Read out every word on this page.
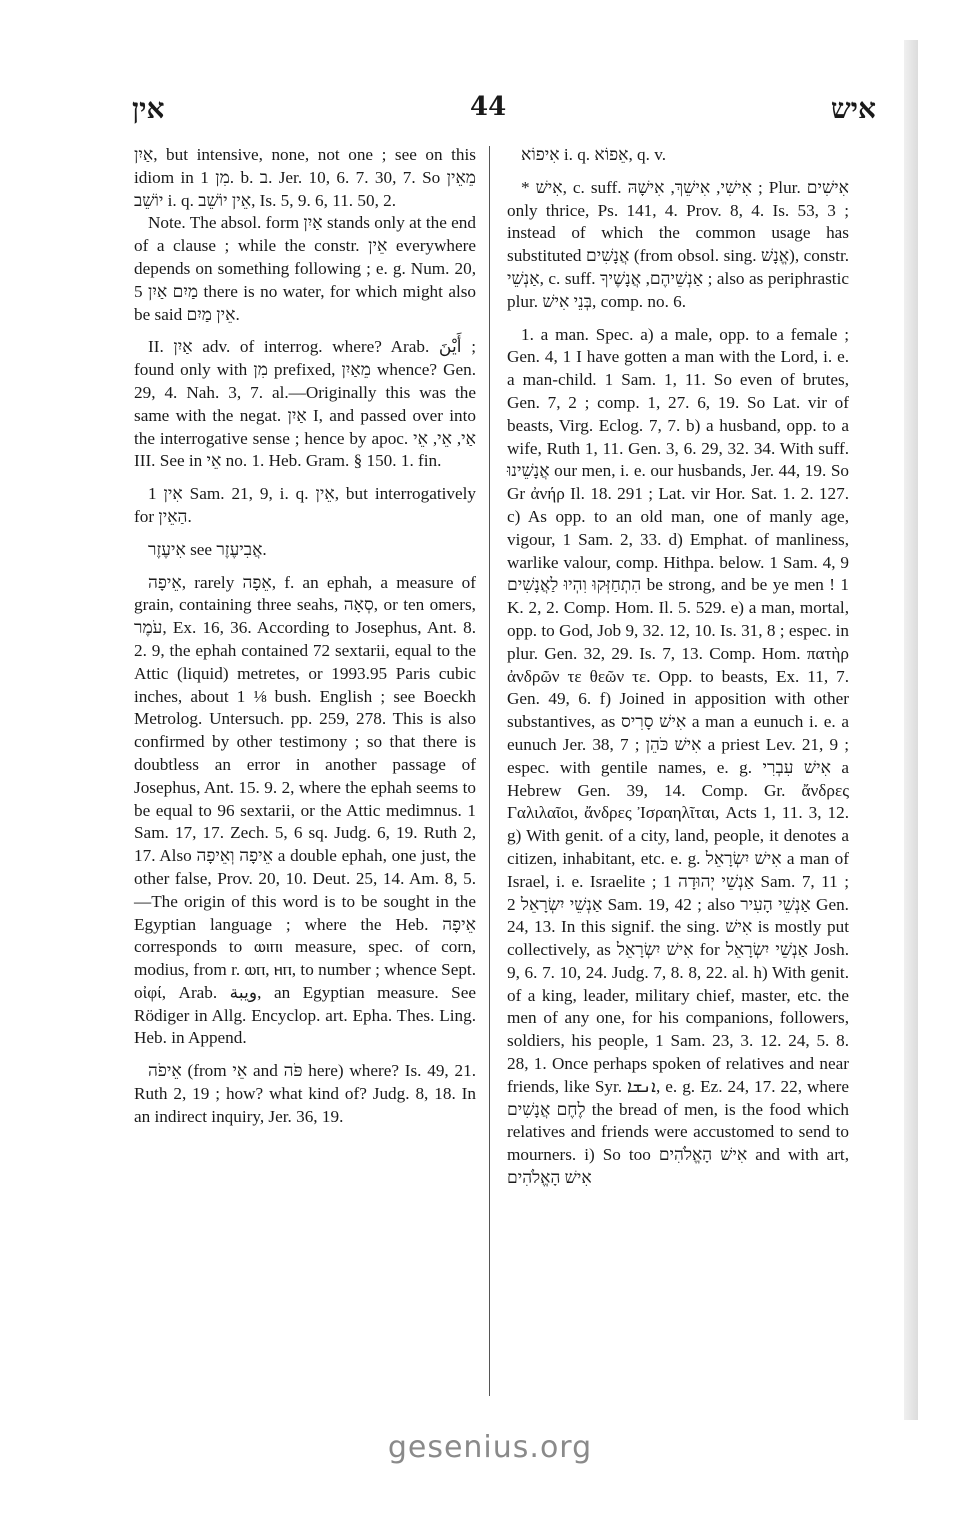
אין	44	איש

אַיִן, but intensive, none, not one ; see on this idiom in מִן 1. b. ב. Jer. 10, 6. 7. 30, 7. So מֵאֵין יוֹשֵׁב i. q. אֵין יוֹשֵׁב, Is. 5, 9. 6, 11. 50, 2.

Note. The absol. form אַיִן stands only at the end of a clause ; while the constr. אֵין everywhere depends on something following ; e. g. Num. 20, 5 מַיִם אַיִן there is no water, for which might also be said אֵין מַיִם.

II. אַיִן adv. of interrog. where? Arab. أَيْنَ ; found only with מִן prefixed, מֵאַיִן whence? Gen. 29, 4. Nah. 3, 7. al.—Originally this was the same with the negat. אַיִן I, and passed over into the interrogative sense ; hence by apoc. אַי, אֵי, אֵי III. See in אֵי no. 1. Heb. Gram. § 150. 1. fin.

אִין 1 Sam. 21, 9, i. q. אֵין, but interrogatively for הַאֵין.

אִיעֶזֶר see אֲבִיעֶזֶר.

אֵיפָה, rarely אֵפָה, f. an ephah, a measure of grain, containing three seahs, סְאָה, or ten omers, עֹמֶר, Ex. 16, 36. According to Josephus, Ant. 8. 2. 9, the ephah contained 72 sextarii, equal to the Attic (liquid) metretes, or 1993.95 Paris cubic inches, about 1 ⅛ bush. English ; see Boeckh Metrolog. Untersuch. pp. 259, 278. This is also confirmed by other testimony ; so that there is doubtless an error in another passage of Josephus, Ant. 15. 9. 2, where the ephah seems to be equal to 96 sextarii, or the Attic medimnus. 1 Sam. 17, 17. Zech. 5, 6 sq. Judg. 6, 19. Ruth 2, 17. Also אֵיפָה וְאֵיפָה a double ephah, one just, the other false, Prov. 20, 10. Deut. 25, 14. Am. 8, 5.—The origin of this word is to be sought in the Egyptian language ; where the Heb. אֵיפָה corresponds to ⲱⲓⲡⲓ measure, spec. of corn, modius, from r. ⲱⲡ, ⲏⲡ, to number ; whence Sept. οἰφί, Arab. ويبة, an Egyptian measure. See Rödiger in Allg. Encyclop. art. Epha. Thes. Ling. Heb. in Append.

אֵיפֹה (from אֵי and פֹּה here) where? Is. 49, 21. Ruth 2, 19 ; how? what kind of? Judg. 8, 18. In an indirect inquiry, Jer. 36, 19.

אִיפוֹא i. q. אֵפוֹא, q. v.

* אִישׁ, c. suff. אִישִׁי, אִישֵׁךְ, אִישָׁהּ ; Plur. אִישִׁים only thrice, Ps. 141, 4. Prov. 8, 4. Is. 53, 3 ; instead of which the common usage has substituted אֲנָשִׁים (from obsol. sing. אֱנָשׁ), constr. אַנְשֵׁי, c. suff. אַנְשֵׁיהֶם, אֲנָשֶׁיךָ ; also as periphrastic plur. בְּנֵי אִישׁ, comp. no. 6.

1. a man. Spec. a) a male, opp. to a female ; Gen. 4, 1 I have gotten a man with the Lord, i. e. a man-child. 1 Sam. 1, 11. So even of brutes, Gen. 7, 2 ; comp. 1, 27. 6, 19. So Lat. vir of beasts, Virg. Eclog. 7, 7. b) a husband, opp. to a wife, Ruth 1, 11. Gen. 3, 6. 29, 32. 34. With suff. אֲנָשֵׁינוּ our men, i. e. our husbands, Jer. 44, 19. So Gr ἀνήρ Il. 18. 291 ; Lat. vir Hor. Sat. 1. 2. 127. c) As opp. to an old man, one of manly age, vigour, 1 Sam. 2, 33. d) Emphat. of manliness, warlike valour, comp. Hithpa. below. 1 Sam. 4, 9 הִתְחַזְּקוּ וִהְיוּ לַאֲנָשִׁים be strong, and be ye men ! 1 K. 2, 2. Comp. Hom. Il. 5. 529. e) a man, mortal, opp. to God, Job 9, 32. 12, 10. Is. 31, 8 ; espec. in plur. Gen. 32, 29. Is. 7, 13. Comp. Hom. πατὴρ ἀνδρῶν τε θεῶν τε. Opp. to beasts, Ex. 11, 7. Gen. 49, 6. f) Joined in apposition with other substantives, as אִישׁ סָרִיס a man a eunuch i. e. a eunuch Jer. 38, 7 ; אִישׁ כֹּהֵן a priest Lev. 21, 9 ; espec. with gentile names, e. g. אִישׁ עִבְרִי a Hebrew Gen. 39, 14. Comp. Gr. ἄνδρες Γαλιλαῖοι, ἄνδρες Ἰσραηλῖται, Acts 1, 11. 3, 12. g) With genit. of a city, land, people, it denotes a citizen, inhabitant, etc. e. g. אִישׁ יִשְׂרָאֵל a man of Israel, i. e. Israelite ; אַנְשֵׁי יְהוּדָה 1 Sam. 7, 11 ; אַנְשֵׁי יִשְׂרָאֵל 2 Sam. 19, 42 ; also אַנְשֵׁי הָעִיר Gen. 24, 13. In this signif. the sing. אִישׁ is mostly put collectively, as אִישׁ יִשְׂרָאֵל for אַנְשֵׁי יִשְׂרָאֵל Josh. 9, 6. 7. 10, 24. Judg. 7, 8. 8, 22. al. h) With genit. of a king, leader, military chief, master, etc. the men of any one, for his companions, followers, soldiers, his people, 1 Sam. 23, 3. 12. 24, 5. 8. 28, 1. Once perhaps spoken of relatives and near friends, like Syr. ܐܢܫܐ, e. g. Ez. 24, 17. 22, where לֶחֶם אֲנָשִׁים the bread of men, is the food which relatives and friends were accustomed to send to mourners. i) So too אִישׁ הָאֱלֹהִים and with art, אִישׁ הָאֱלֹהִים

gesenius.org
